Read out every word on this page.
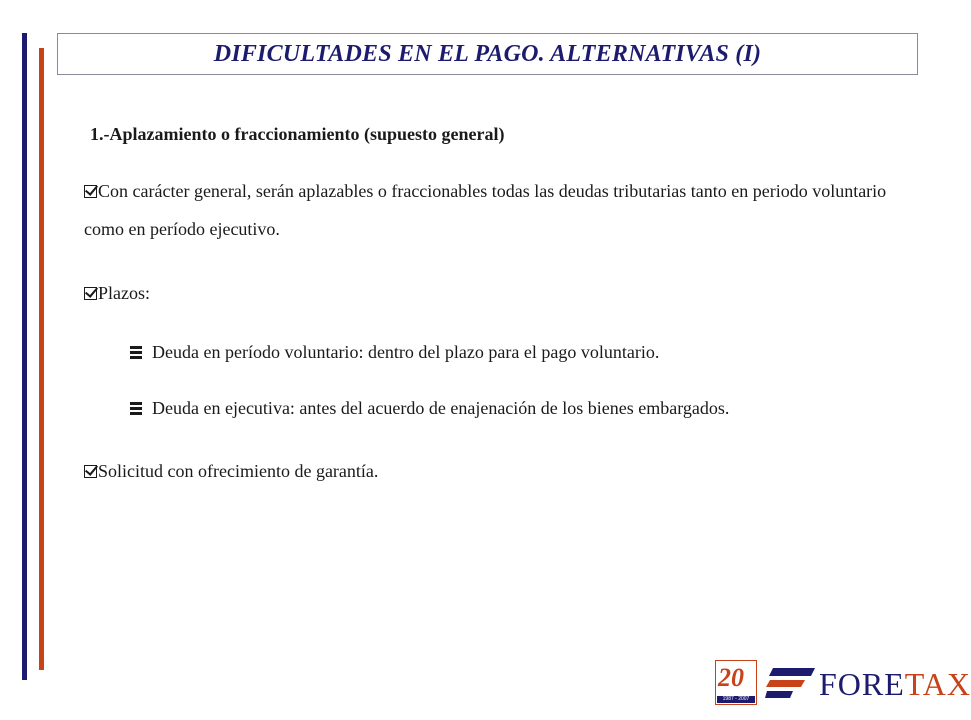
DIFICULTADES EN EL PAGO. ALTERNATIVAS (I)
1.-Aplazamiento o fraccionamiento (supuesto general)
Con carácter general, serán aplazables o fraccionables todas las deudas tributarias tanto en periodo voluntario como en período ejecutivo.
Plazos:
Deuda en período voluntario: dentro del plazo para el pago voluntario.
Deuda en ejecutiva: antes del acuerdo de enajenación de los bienes embargados.
Solicitud con ofrecimiento de garantía.
20
1987 - 2007 FORETAX
